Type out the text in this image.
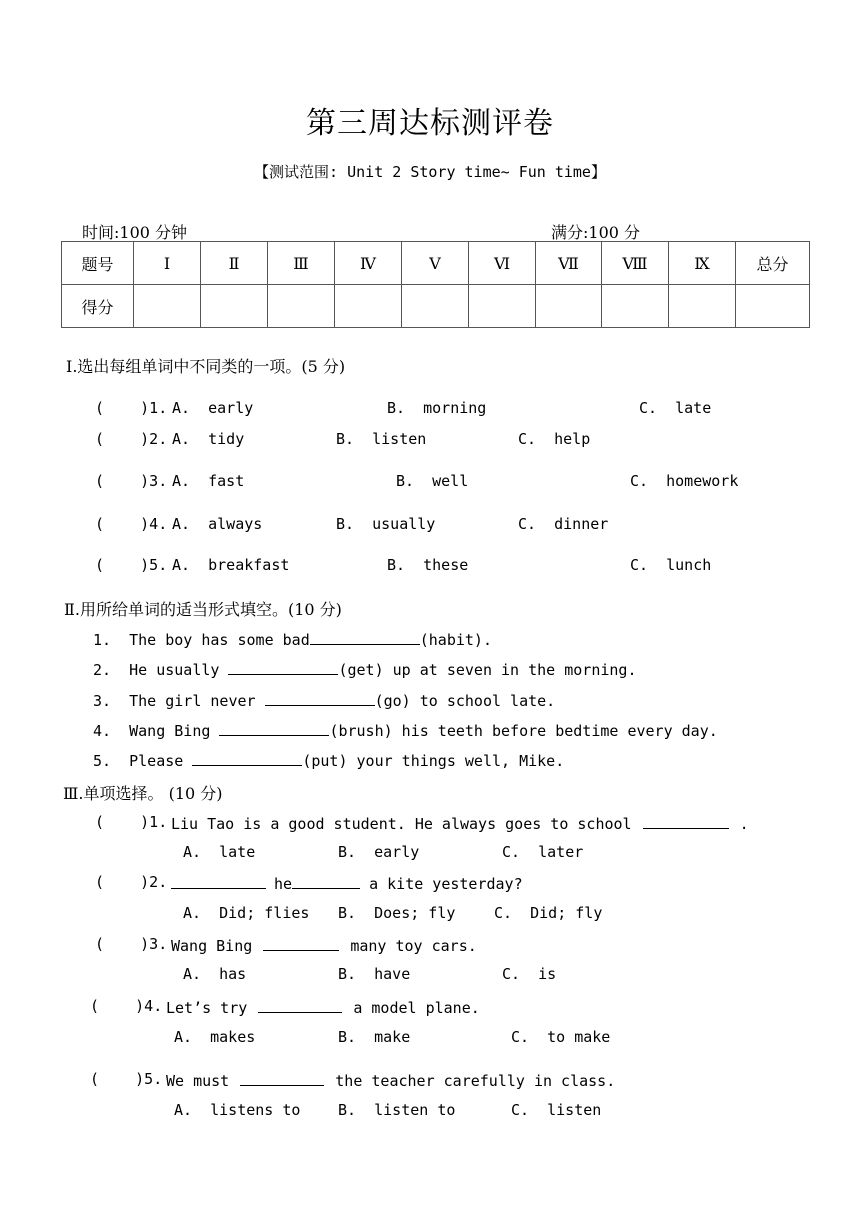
第三周达标测评卷
【测试范围: Unit 2 Story time~ Fun time】
时间:100 分钟	满分:100 分
题号	Ⅰ	Ⅱ	Ⅲ	Ⅳ	Ⅴ	Ⅵ	Ⅶ	Ⅷ	Ⅸ	总分
得分										
Ⅰ.选出每组单词中不同类的一项。(5 分)
(    )1. A.  early	B.  morning	C.  late
(    )2. A.  tidy	B.  listen	C.  help
(    )3. A.  fast	B.  well	C.  homework
(    )4. A.  always	B.  usually	C.  dinner
(    )5. A.  breakfast	B.  these	C.  lunch
Ⅱ.用所给单词的适当形式填空。(10 分)
1.  The boy has some bad	(habit).
2.  He usually	(get) up at seven in the morning.
3.  The girl never	(go) to school late.
4.  Wang Bing	(brush) his teeth before bedtime every day.
5.  Please	(put) your things well, Mike.
Ⅲ.单项选择。 (10 分)
(    )1. Liu Tao is a good student. He always goes to school	.
A.  late	B.  early	C.  later
(    )2.	he	a kite yesterday?
A.  Did; flies B.  Does; fly	C.  Did; fly
(    )3. Wang Bing	many toy cars.
A.  has	B.  have	C.  is
(    )4. Let’s try	a model plane.
A.  makes	B.  make	C.  to make
(    )5. We must	the teacher carefully in class.
A.  listens to	B.  listen to	C.  listen
